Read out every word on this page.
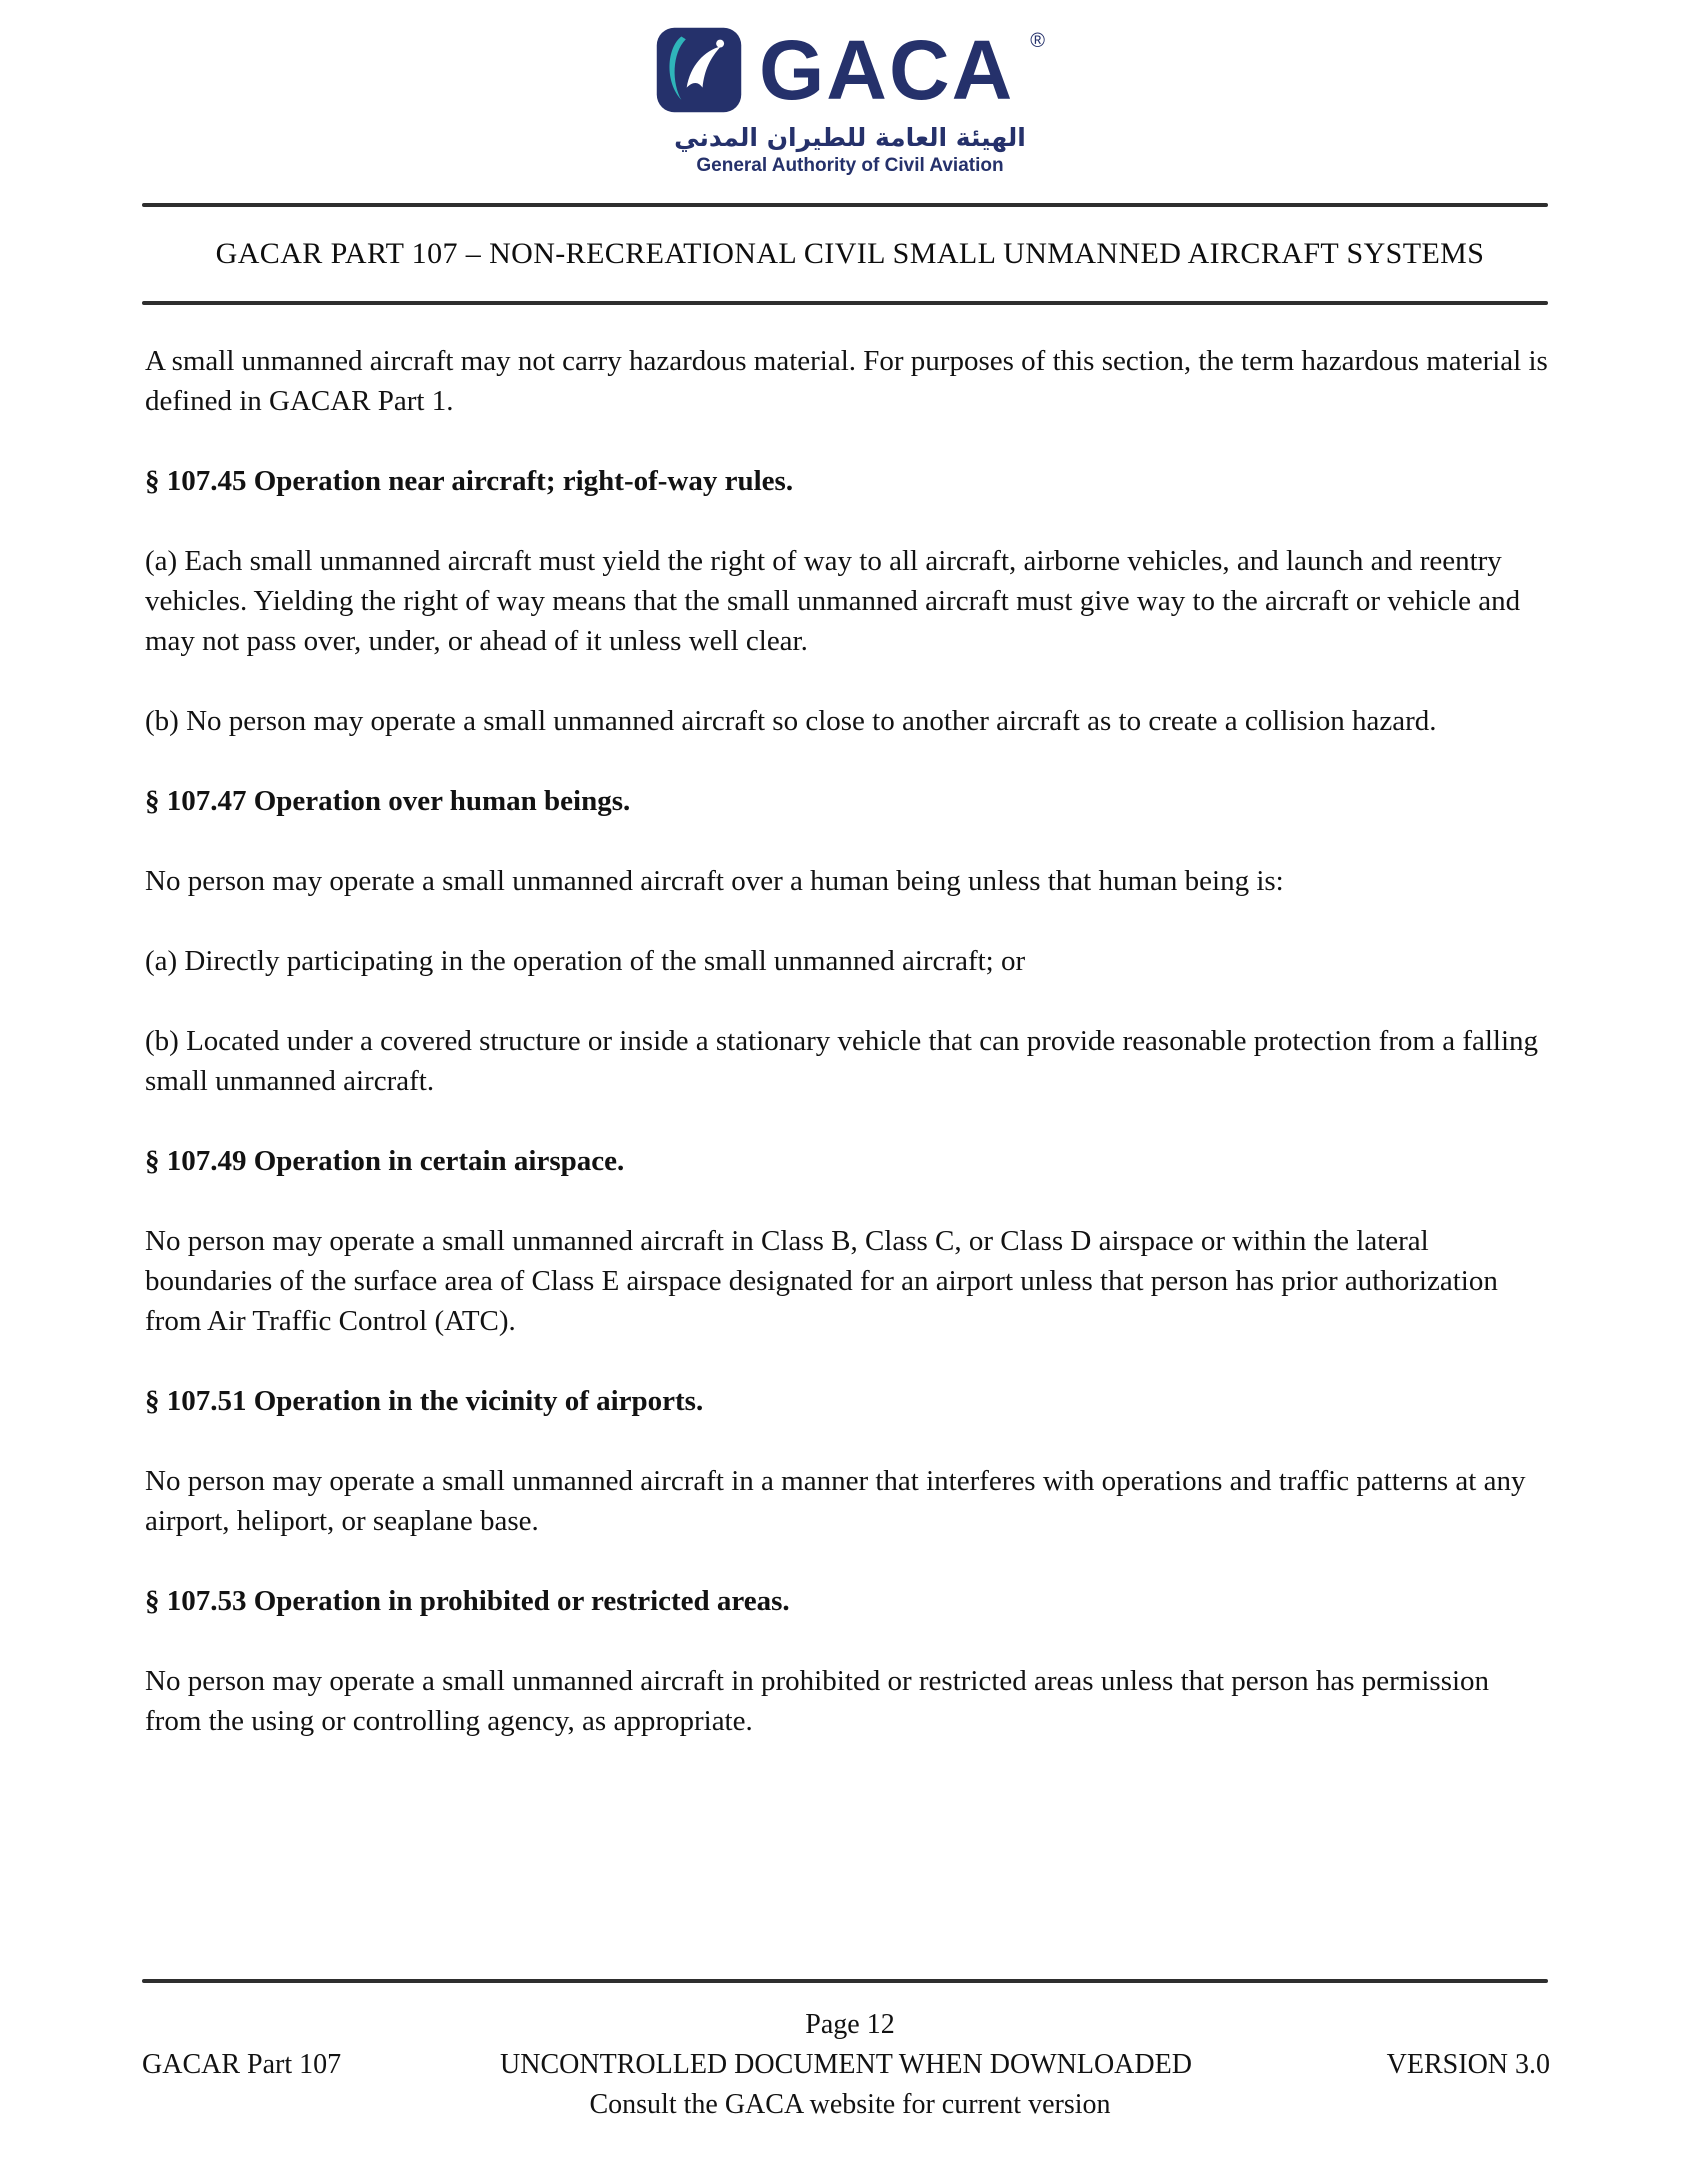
GACA ®
الهيئة العامة للطيران المدني
General Authority of Civil Aviation
GACAR PART 107 – NON-RECREATIONAL CIVIL SMALL UNMANNED AIRCRAFT SYSTEMS

A small unmanned aircraft may not carry hazardous material. For purposes of this section, the term hazardous material is defined in GACAR Part 1.

§ 107.45 Operation near aircraft; right-of-way rules.

(a) Each small unmanned aircraft must yield the right of way to all aircraft, airborne vehicles, and launch and reentry vehicles. Yielding the right of way means that the small unmanned aircraft must give way to the aircraft or vehicle and may not pass over, under, or ahead of it unless well clear.

(b) No person may operate a small unmanned aircraft so close to another aircraft as to create a collision hazard.

§ 107.47 Operation over human beings.

No person may operate a small unmanned aircraft over a human being unless that human being is:

(a) Directly participating in the operation of the small unmanned aircraft; or

(b) Located under a covered structure or inside a stationary vehicle that can provide reasonable protection from a falling small unmanned aircraft.

§ 107.49 Operation in certain airspace.

No person may operate a small unmanned aircraft in Class B, Class C, or Class D airspace or within the lateral boundaries of the surface area of Class E airspace designated for an airport unless that person has prior authorization from Air Traffic Control (ATC).

§ 107.51 Operation in the vicinity of airports.

No person may operate a small unmanned aircraft in a manner that interferes with operations and traffic patterns at any airport, heliport, or seaplane base.

§ 107.53 Operation in prohibited or restricted areas.

No person may operate a small unmanned aircraft in prohibited or restricted areas unless that person has permission from the using or controlling agency, as appropriate.

Page 12
GACAR Part 107	UNCONTROLLED DOCUMENT WHEN DOWNLOADED	VERSION 3.0
Consult the GACA website for current version
